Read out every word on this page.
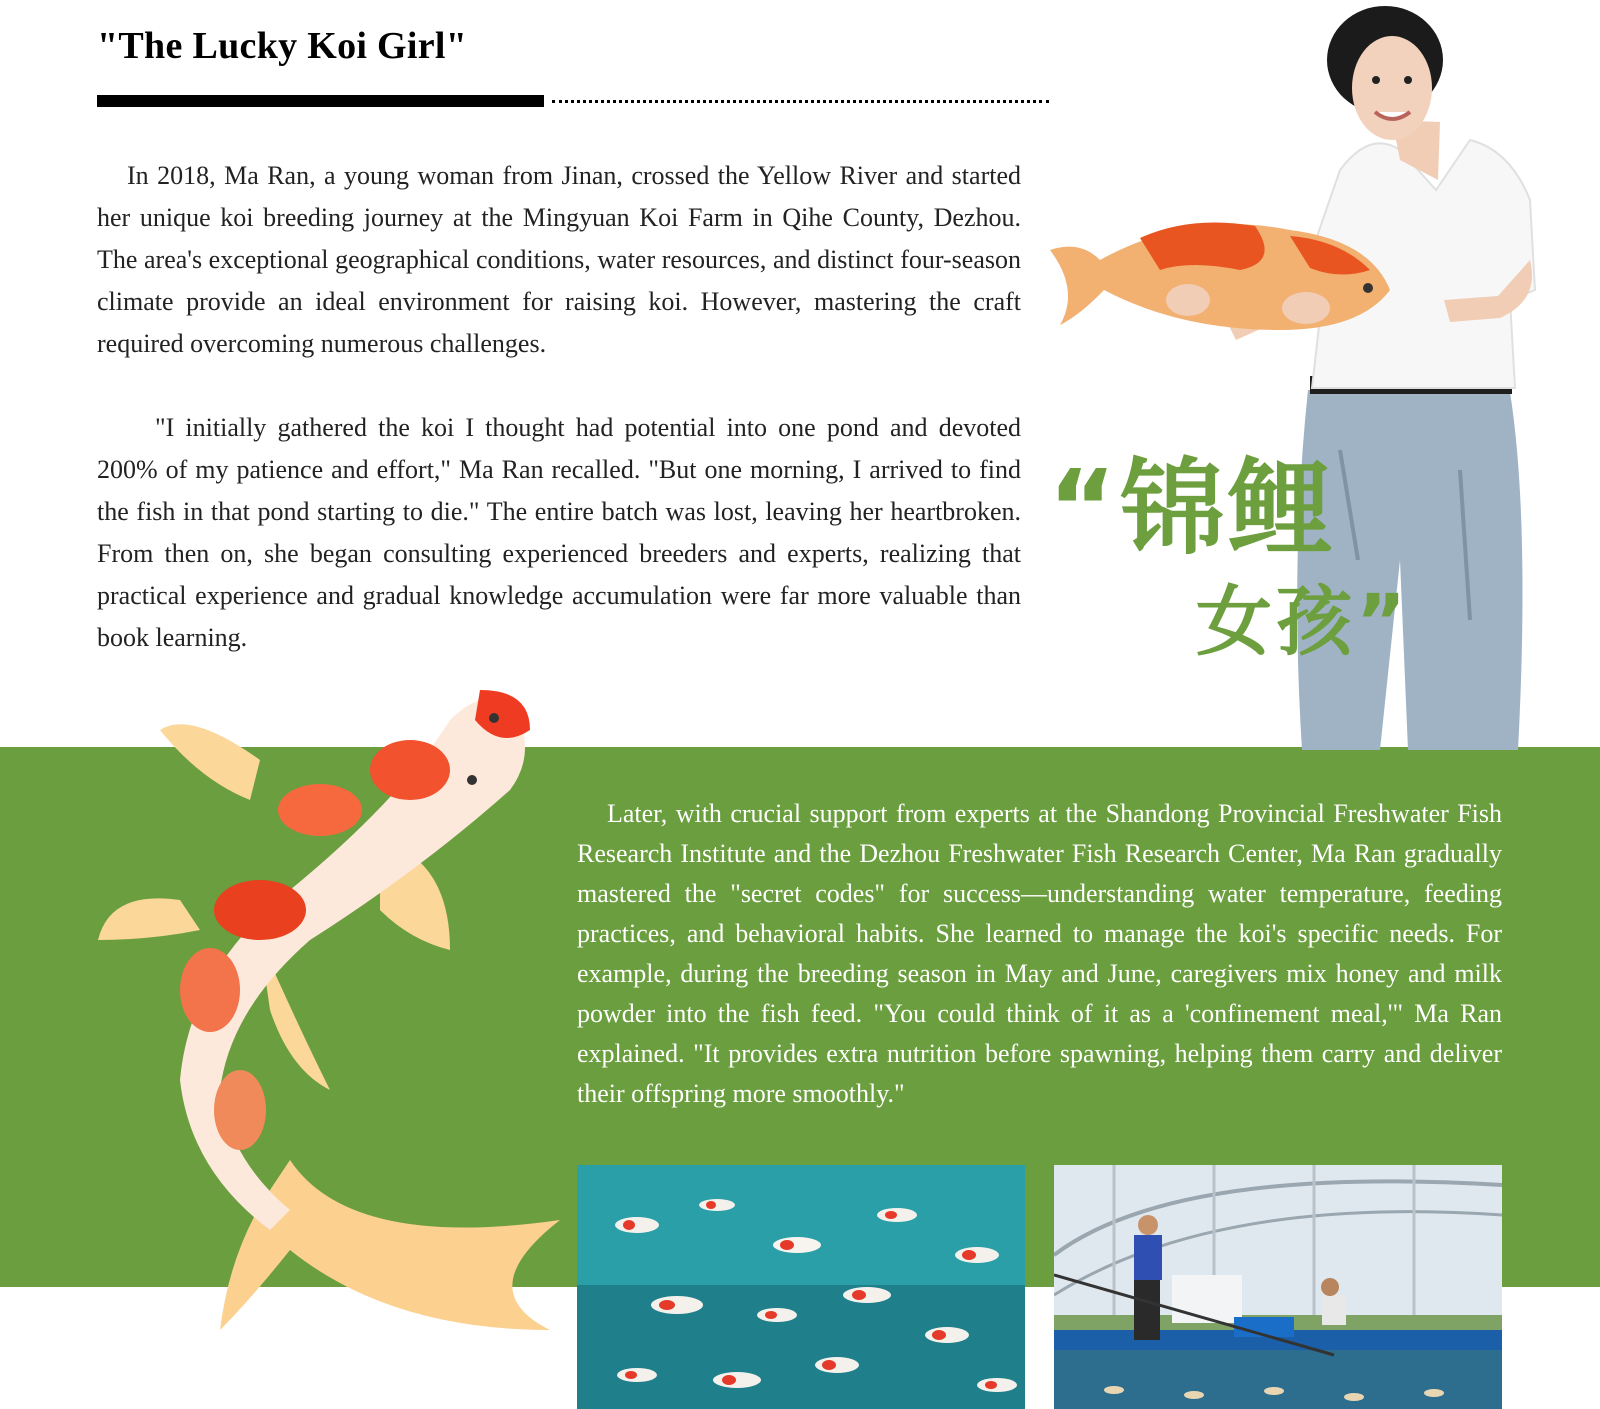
"The Lucky Koi Girl"

In 2018, Ma Ran, a young woman from Jinan, crossed the Yellow River and started her unique koi breeding journey at the Mingyuan Koi Farm in Qihe County, Dezhou. The area's exceptional geographical conditions, water resources, and distinct four-season climate provide an ideal environment for raising koi. However, mastering the craft required overcoming numerous challenges.

"I initially gathered the koi I thought had potential into one pond and devoted 200% of my patience and effort," Ma Ran recalled. "But one morning, I arrived to find the fish in that pond starting to die." The entire batch was lost, leaving her heartbroken. From then on, she began consulting experienced breeders and experts, realizing that practical experience and gradual knowledge accumulation were far more valuable than book learning.

“锦鲤
女孩”

Later, with crucial support from experts at the Shandong Provincial Freshwater Fish Research Institute and the Dezhou Freshwater Fish Research Center, Ma Ran gradually mastered the "secret codes" for success—understanding water temperature, feeding practices, and behavioral habits. She learned to manage the koi's specific needs. For example, during the breeding season in May and June, caregivers mix honey and milk powder into the fish feed. "You could think of it as a 'confinement meal,'" Ma Ran explained. "It provides extra nutrition before spawning, helping them carry and deliver their offspring more smoothly."
